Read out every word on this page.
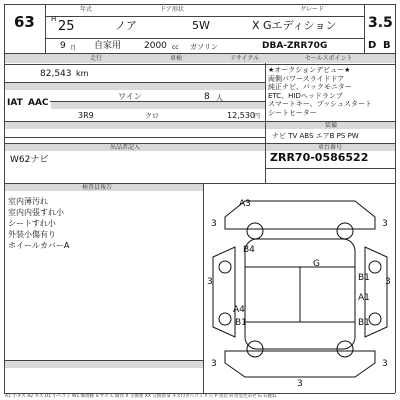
年式	ドア形状	グレード
63 H 25	ノア	5W	X Gエディション 3.5
9 月 自家用	2000 cc ガソリン	DBA-ZRR70G	D B
走行	車検	リサイクル	セールスポイント
82,543 km
ワイン	8 人
IAT AAC
3R9	クロ	12,530 円
出品者記入
★オークションデビュー★
両側パワースライドドア
純正ナビ、バックモニター
ETC、HIDヘッドランプ
スマートキー、プッシュスタート
シートヒーター
装備
ナビ TV ABS エアB PS PW
W62ナビ
車台番号
ZRR70-0586522
検査員報告
室内薄汚れ
室内内張すれ小
シートすれ小
外装小傷有り
ホイールカバーA
A3
3
B4
G
B1
A1
A4
B1	B1
3
3	3
3	3
3
A1 小キズ A2 キズ U1 小ヘコミ W1 修理跡 S サビ C 腐食 X 交換要 XX 交換済 B キズ付きヘコミ Y 穴 P 塗装 H 塗装色あせ G 石跳ね
